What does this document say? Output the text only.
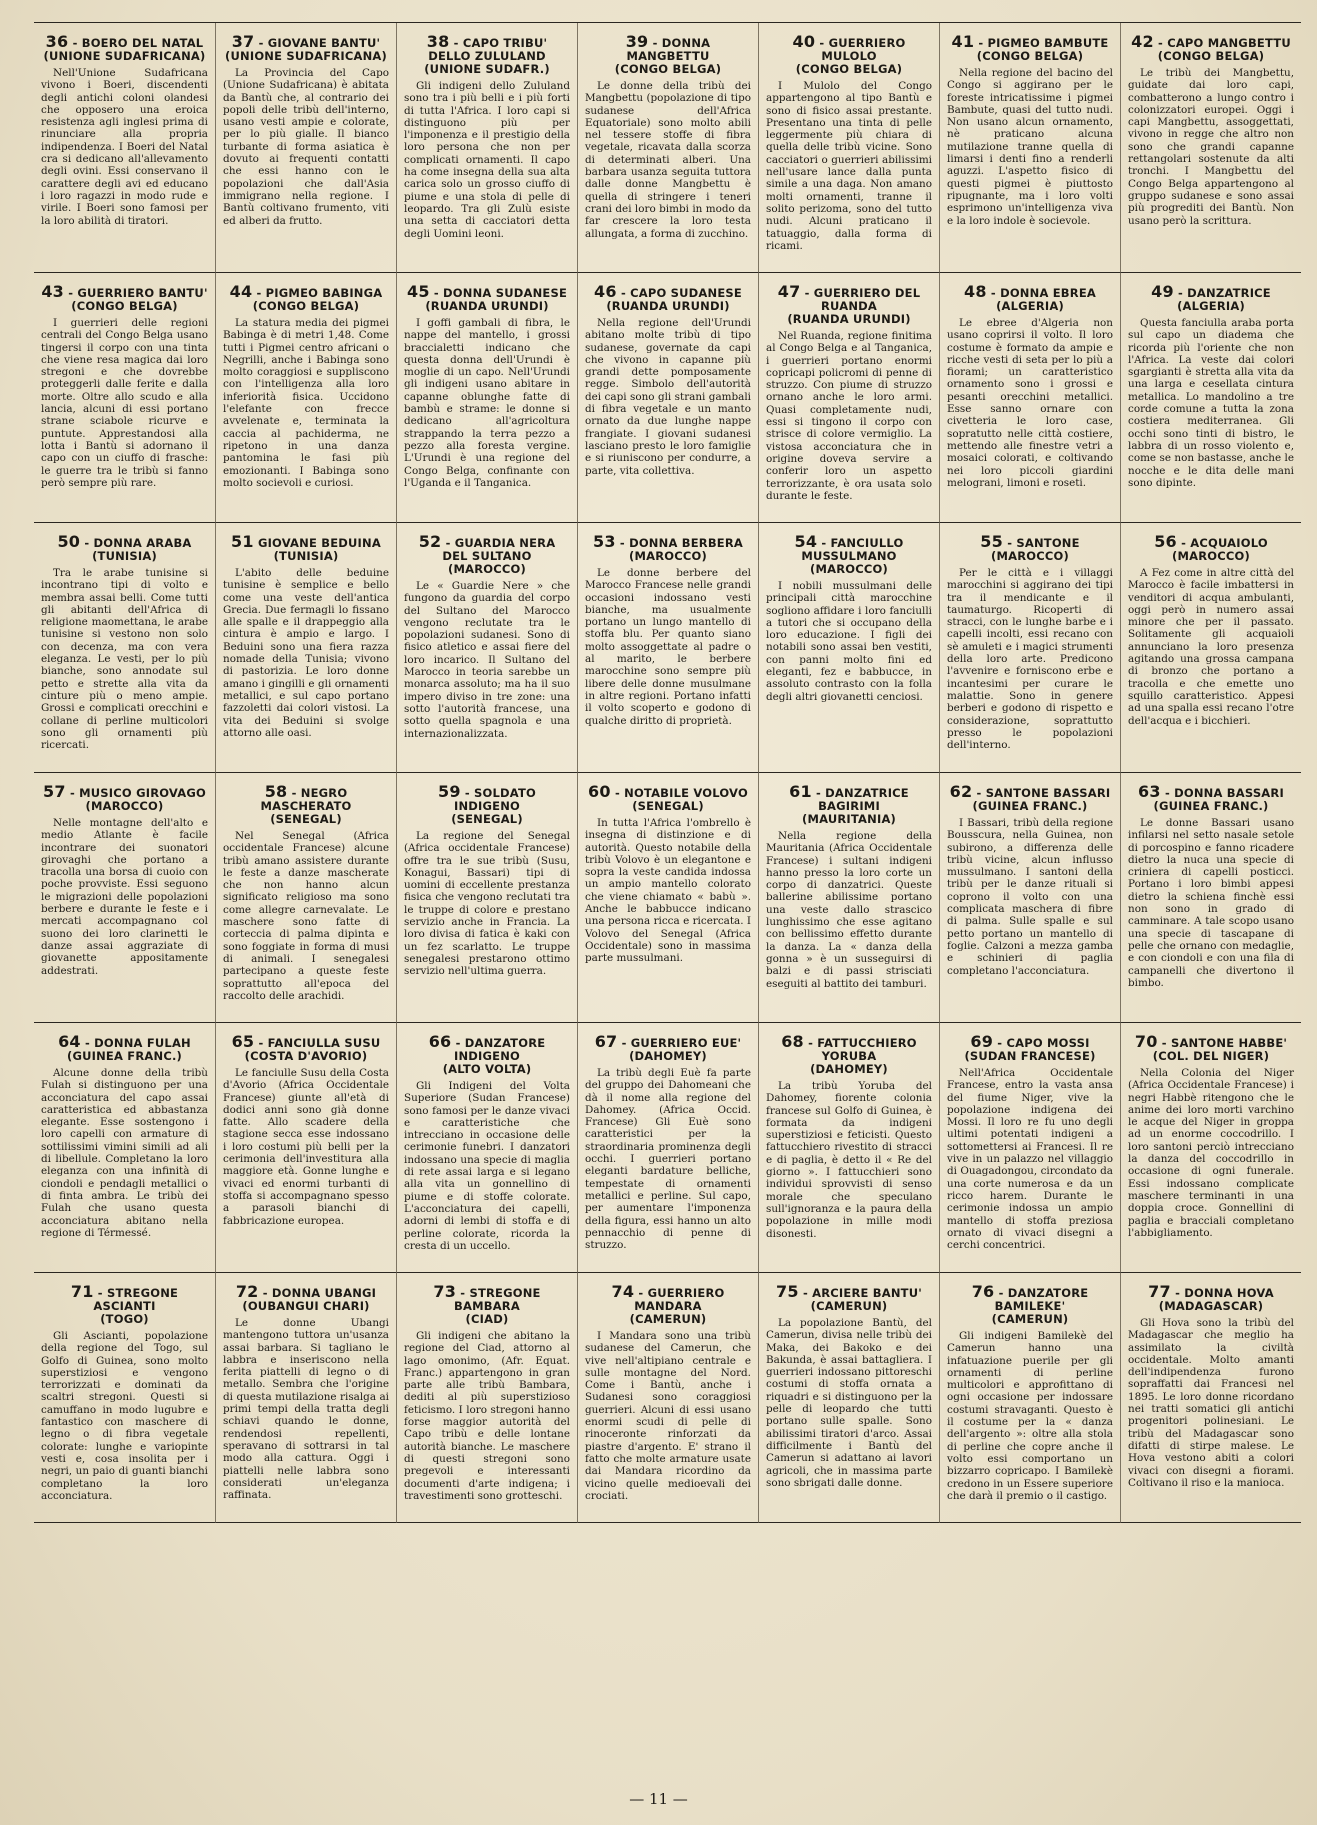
36 - BOERO DEL NATAL
(UNIONE SUDAFRICANA)

Nell'Unione Sudafricana vivono i Boeri, discendenti degli antichi coloni olandesi che opposero una eroica resistenza agli inglesi prima di rinunciare alla propria indipendenza. I Boeri del Natal cra si dedicano all'allevamento degli ovini. Essi conservano il carattere degli avi ed educano i loro ragazzi in modo rude e virile. I Boeri sono famosi per la loro abilità di tiratori.

37 - GIOVANE BANTU'
(UNIONE SUDAFRICANA)

La Provincia del Capo (Unione Sudafricana) è abitata da Bantù che, al contrario dei popoli delle tribù dell'interno, usano vesti ampie e colorate, per lo più gialle. Il bianco turbante di forma asiatica è dovuto ai frequenti contatti che essi hanno con le popolazioni che dall'Asia immigrano nella regione. I Bantù coltivano frumento, viti ed alberi da frutto.

38 - CAPO TRIBU' DELLO ZULULAND
(UNIONE SUDAFR.)

Gli indigeni dello Zululand sono tra i più belli e i più forti di tutta l'Africa. I loro capi si distinguono più per l'imponenza e il prestigio della loro persona che non per complicati ornamenti. Il capo ha come insegna della sua alta carica solo un grosso ciuffo di piume e una stola di pelle di leopardo. Tra gli Zulù esiste una setta di cacciatori detta degli Uomini leoni.

39 - DONNA MANGBETTU
(CONGO BELGA)

Le donne della tribù dei Mangbettu (popolazione di tipo sudanese dell'Africa Equatoriale) sono molto abili nel tessere stoffe di fibra vegetale, ricavata dalla scorza di determinati alberi. Una barbara usanza seguita tuttora dalle donne Mangbettu è quella di stringere i teneri crani dei loro bimbi in modo da far crescere la loro testa allungata, a forma di zucchino.

40 - GUERRIERO MULOLO
(CONGO BELGA)

I Mulolo del Congo appartengono al tipo Bantù e sono di fisico assai prestante. Presentano una tinta di pelle leggermente più chiara di quella delle tribù vicine. Sono cacciatori o guerrieri abilissimi nell'usare lance dalla punta simile a una daga. Non amano molti ornamenti, tranne il solito perizoma, sono del tutto nudi. Alcuni praticano il tatuaggio, dalla forma di ricami.

41 - PIGMEO BAMBUTE
(CONGO BELGA)

Nella regione del bacino del Congo si aggirano per le foreste intricatissime i pigmei Bambute, quasi del tutto nudi. Non usano alcun ornamento, nè praticano alcuna mutilazione tranne quella di limarsi i denti fino a renderli aguzzi. L'aspetto fisico di questi pigmei è piuttosto ripugnante, ma i loro volti esprimono un'intelligenza viva e la loro indole è socievole.

42 - CAPO MANGBETTU
(CONGO BELGA)

Le tribù dei Mangbettu, guidate dai loro capi, combatterono a lungo contro i colonizzatori europei. Oggi i capi Mangbettu, assoggettati, vivono in regge che altro non sono che grandi capanne rettangolari sostenute da alti tronchi. I Mangbettu del Congo Belga appartengono al gruppo sudanese e sono assai più progrediti dei Bantù. Non usano però la scrittura.

43 - GUERRIERO BANTU'
(CONGO BELGA)

I guerrieri delle regioni centrali del Congo Belga usano tingersi il corpo con una tinta che viene resa magica dai loro stregoni e che dovrebbe proteggerli dalle ferite e dalla morte. Oltre allo scudo e alla lancia, alcuni di essi portano strane sciabole ricurve e puntute. Apprestandosi alla lotta i Bantù si adornano il capo con un ciuffo di frasche: le guerre tra le tribù si fanno però sempre più rare.

44 - PIGMEO BABINGA
(CONGO BELGA)

La statura media dei pigmei Babinga è di metri 1,48. Come tutti i Pigmei centro africani o Negrilli, anche i Babinga sono molto coraggiosi e suppliscono con l'intelligenza alla loro inferiorità fisica. Uccidono l'elefante con frecce avvelenate e, terminata la caccia al pachiderma, ne ripetono in una danza pantomina le fasi più emozionanti. I Babinga sono molto socievoli e curiosi.

45 - DONNA SUDANESE
(RUANDA URUNDI)

I goffi gambali di fibra, le nappe del mantello, i grossi braccialetti indicano che questa donna dell'Urundi è moglie di un capo. Nell'Urundi gli indigeni usano abitare in capanne oblunghe fatte di bambù e strame: le donne si dedicano all'agricoltura strappando la terra pezzo a pezzo alla foresta vergine. L'Urundi è una regione del Congo Belga, confinante con l'Uganda e il Tanganica.

46 - CAPO SUDANESE
(RUANDA URUNDI)

Nella regione dell'Urundi abitano molte tribù di tipo sudanese, governate da capi che vivono in capanne più grandi dette pomposamente regge. Simbolo dell'autorità dei capi sono gli strani gambali di fibra vegetale e un manto ornato da due lunghe nappe frangiate. I giovani sudanesi lasciano presto le loro famiglie e si riuniscono per condurre, a parte, vita collettiva.

47 - GUERRIERO DEL RUANDA
(RUANDA URUNDI)

Nel Ruanda, regione finitima al Congo Belga e al Tanganica, i guerrieri portano enormi copricapi policromi di penne di struzzo. Con piume di struzzo ornano anche le loro armi. Quasi completamente nudi, essi si tingono il corpo con strisce di colore vermiglio. La vistosa acconciatura che in origine doveva servire a conferir loro un aspetto terrorizzante, è ora usata solo durante le feste.

48 - DONNA EBREA
(ALGERIA)

Le ebree d'Algeria non usano coprirsi il volto. Il loro costume è formato da ampie e ricche vesti di seta per lo più a fiorami; un caratteristico ornamento sono i grossi e pesanti orecchini metallici. Esse sanno ornare con civetteria le loro case, sopratutto nelle città costiere, mettendo alle finestre vetri a mosaici colorati, e coltivando nei loro piccoli giardini melograni, limoni e roseti.

49 - DANZATRICE
(ALGERIA)

Questa fanciulla araba porta sul capo un diadema che ricorda più l'oriente che non l'Africa. La veste dai colori sgargianti è stretta alla vita da una larga e cesellata cintura metallica. Lo mandolino a tre corde comune a tutta la zona costiera mediterranea. Gli occhi sono tinti di bistro, le labbra di un rosso violento e, come se non bastasse, anche le nocche e le dita delle mani sono dipinte.

50 - DONNA ARABA
(TUNISIA)

Tra le arabe tunisine si incontrano tipi di volto e membra assai belli. Come tutti gli abitanti dell'Africa di religione maomettana, le arabe tunisine si vestono non solo con decenza, ma con vera eleganza. Le vesti, per lo più bianche, sono annodate sul petto e strette alla vita da cinture più o meno ampie. Grossi e complicati orecchini e collane di perline multicolori sono gli ornamenti più ricercati.

51 GIOVANE BEDUINA
(TUNISIA)

L'abito delle beduine tunisine è semplice e bello come una veste dell'antica Grecia. Due fermagli lo fissano alle spalle e il drappeggio alla cintura è ampio e largo. I Beduini sono una fiera razza nomade della Tunisia; vivono di pastorizia. Le loro donne amano i gingilli e gli ornamenti metallici, e sul capo portano fazzoletti dai colori vistosi. La vita dei Beduini si svolge attorno alle oasi.

52 - GUARDIA NERA DEL SULTANO
(MAROCCO)

Le « Guardie Nere » che fungono da guardia del corpo del Sultano del Marocco vengono reclutate tra le popolazioni sudanesi. Sono di fisico atletico e assai fiere del loro incarico. Il Sultano del Marocco in teoria sarebbe un monarca assoluto; ma ha il suo impero diviso in tre zone: una sotto l'autorità francese, una sotto quella spagnola e una internazionalizzata.

53 - DONNA BERBERA
(MAROCCO)

Le donne berbere del Marocco Francese nelle grandi occasioni indossano vesti bianche, ma usualmente portano un lungo mantello di stoffa blu. Per quanto siano molto assoggettate al padre o al marito, le berbere marocchine sono sempre più libere delle donne musulmane in altre regioni. Portano infatti il volto scoperto e godono di qualche diritto di proprietà.

54 - FANCIULLO MUSSULMANO
(MAROCCO)

I nobili mussulmani delle principali città marocchine sogliono affidare i loro fanciulli a tutori che si occupano della loro educazione. I figli dei notabili sono assai ben vestiti, con panni molto fini ed eleganti, fez e babbucce, in assoluto contrasto con la folla degli altri giovanetti cenciosi.

55 - SANTONE
(MAROCCO)

Per le città e i villaggi marocchini si aggirano dei tipi tra il mendicante e il taumaturgo. Ricoperti di stracci, con le lunghe barbe e i capelli incolti, essi recano con sè amuleti e i magici strumenti della loro arte. Predicono l'avvenire e forniscono erbe e incantesimi per curare le malattie. Sono in genere berberi e godono di rispetto e considerazione, soprattutto presso le popolazioni dell'interno.

56 - ACQUAIOLO
(MAROCCO)

A Fez come in altre città del Marocco è facile imbattersi in venditori di acqua ambulanti, oggi però in numero assai minore che per il passato. Solitamente gli acquaioli annunciano la loro presenza agitando una grossa campana di bronzo che portano a tracolla e che emette uno squillo caratteristico. Appesi ad una spalla essi recano l'otre dell'acqua e i bicchieri.

57 - MUSICO GIROVAGO
(MAROCCO)

Nelle montagne dell'alto e medio Atlante è facile incontrare dei suonatori girovaghi che portano a tracolla una borsa di cuoio con poche provviste. Essi seguono le migrazioni delle popolazioni berbere e durante le feste e i mercati accompagnano col suono dei loro clarinetti le danze assai aggraziate di giovanette appositamente addestrati.

58 - NEGRO MASCHERATO
(SENEGAL)

Nel Senegal (Africa occidentale Francese) alcune tribù amano assistere durante le feste a danze mascherate che non hanno alcun significato religioso ma sono come allegre carnevalate. Le maschere sono fatte di corteccia di palma dipinta e sono foggiate in forma di musi di animali. I senegalesi partecipano a queste feste soprattutto all'epoca del raccolto delle arachidi.

59 - SOLDATO INDIGENO
(SENEGAL)

La regione del Senegal (Africa occidentale Francese) offre tra le sue tribù (Susu, Konagui, Bassari) tipi di uomini di eccellente prestanza fisica che vengono reclutati tra le truppe di colore e prestano servizio anche in Francia. La loro divisa di fatica è kaki con un fez scarlatto. Le truppe senegalesi prestarono ottimo servizio nell'ultima guerra.

60 - NOTABILE VOLOVO
(SENEGAL)

In tutta l'Africa l'ombrello è insegna di distinzione e di autorità. Questo notabile della tribù Volovo è un elegantone e sopra la veste candida indossa un ampio mantello colorato che viene chiamato « babù ». Anche le babbucce indicano una persona ricca e ricercata. I Volovo del Senegal (Africa Occidentale) sono in massima parte mussulmani.

61 - DANZATRICE BAGIRIMI
(MAURITANIA)

Nella regione della Mauritania (Africa Occidentale Francese) i sultani indigeni hanno presso la loro corte un corpo di danzatrici. Queste ballerine abilissime portano una veste dallo strascico lunghissimo che esse agitano con bellissimo effetto durante la danza. La « danza della gonna » è un susseguirsi di balzi e di passi strisciati eseguiti al battito dei tamburi.

62 - SANTONE BASSARI
(GUINEA FRANC.)

I Bassari, tribù della regione Bousscura, nella Guinea, non subirono, a differenza delle tribù vicine, alcun influsso mussulmano. I santoni della tribù per le danze rituali si coprono il volto con una complicata maschera di fibre di palma. Sulle spalle e sul petto portano un mantello di foglie. Calzoni a mezza gamba e schinieri di paglia completano l'acconciatura.

63 - DONNA BASSARI
(GUINEA FRANC.)

Le donne Bassari usano infilarsi nel setto nasale setole di porcospino e fanno ricadere dietro la nuca una specie di criniera di capelli posticci. Portano i loro bimbi appesi dietro la schiena finchè essi non sono in grado di camminare. A tale scopo usano una specie di tascapane di pelle che ornano con medaglie, e con ciondoli e con una fila di campanelli che divertono il bimbo.

64 - DONNA FULAH
(GUINEA FRANC.)

Alcune donne della tribù Fulah si distinguono per una acconciatura del capo assai caratteristica ed abbastanza elegante. Esse sostengono i loro capelli con armature di sottilissimi vimini simili ad ali di libellule. Completano la loro eleganza con una infinità di ciondoli e pendagli metallici o di finta ambra. Le tribù dei Fulah che usano questa acconciatura abitano nella regione di Térmessé.

65 - FANCIULLA SUSU
(COSTA D'AVORIO)

Le fanciulle Susu della Costa d'Avorio (Africa Occidentale Francese) giunte all'età di dodici anni sono già donne fatte. Allo scadere della stagione secca esse indossano i loro costumi più belli per la cerimonia dell'investitura alla maggiore età. Gonne lunghe e vivaci ed enormi turbanti di stoffa si accompagnano spesso a parasoli bianchi di fabbricazione europea.

66 - DANZATORE INDIGENO
(ALTO VOLTA)

Gli Indigeni del Volta Superiore (Sudan Francese) sono famosi per le danze vivaci e caratteristiche che intrecciano in occasione delle cerimonie funebri. I danzatori indossano una specie di maglia di rete assai larga e si legano alla vita un gonnellino di piume e di stoffe colorate. L'acconciatura dei capelli, adorni di lembi di stoffa e di perline colorate, ricorda la cresta di un uccello.

67 - GUERRIERO EUE'
(DAHOMEY)

La tribù degli Euè fa parte del gruppo dei Dahomeani che dà il nome alla regione del Dahomey. (Africa Occid. Francese) Gli Euè sono caratteristici per la straordinaria prominenza degli occhi. I guerrieri portano eleganti bardature belliche, tempestate di ornamenti metallici e perline. Sul capo, per aumentare l'imponenza della figura, essi hanno un alto pennacchio di penne di struzzo.

68 - FATTUCCHIERO YORUBA
(DAHOMEY)

La tribù Yoruba del Dahomey, fiorente colonia francese sul Golfo di Guinea, è formata da indigeni superstiziosi e feticisti. Questo fattucchiero rivestito di stracci e di paglia, è detto il « Re del giorno ». I fattucchieri sono individui sprovvisti di senso morale che speculano sull'ignoranza e la paura della popolazione in mille modi disonesti.

69 - CAPO MOSSI
(SUDAN FRANCESE)

Nell'Africa Occidentale Francese, entro la vasta ansa del fiume Niger, vive la popolazione indigena dei Mossi. Il loro re fu uno degli ultimi potentati indigeni a sottomettersi ai Francesi. Il re vive in un palazzo nel villaggio di Ouagadongou, circondato da una corte numerosa e da un ricco harem. Durante le cerimonie indossa un ampio mantello di stoffa preziosa ornato di vivaci disegni a cerchi concentrici.

70 - SANTONE HABBE'
(COL. DEL NIGER)

Nella Colonia del Niger (Africa Occidentale Francese) i negri Habbè ritengono che le anime dei loro morti varchino le acque del Niger in groppa ad un enorme coccodrillo. I loro santoni perciò intrecciano la danza del coccodrillo in occasione di ogni funerale. Essi indossano complicate maschere terminanti in una doppia croce. Gonnellini di paglia e bracciali completano l'abbigliamento.

71 - STREGONE ASCIANTI
(TOGO)

Gli Ascianti, popolazione della regione del Togo, sul Golfo di Guinea, sono molto superstiziosi e vengono terrorizzati e dominati da scaltri stregoni. Questi si camuffano in modo lugubre e fantastico con maschere di legno o di fibra vegetale colorate: lunghe e variopinte vesti e, cosa insolita per i negri, un paio di guanti bianchi completano la loro acconciatura.

72 - DONNA UBANGI
(OUBANGUI CHARI)

Le donne Ubangi mantengono tuttora un'usanza assai barbara. Si tagliano le labbra e inseriscono nella ferita piattelli di legno o di metallo. Sembra che l'origine di questa mutilazione risalga ai primi tempi della tratta degli schiavi quando le donne, rendendosi repellenti, speravano di sottrarsi in tal modo alla cattura. Oggi i piattelli nelle labbra sono considerati un'eleganza raffinata.

73 - STREGONE BAMBARA
(CIAD)

Gli indigeni che abitano la regione del Ciad, attorno al lago omonimo, (Afr. Equat. Franc.) appartengono in gran parte alle tribù Bambara, dediti al più superstizioso feticismo. I loro stregoni hanno forse maggior autorità del Capo tribù e delle lontane autorità bianche. Le maschere di questi stregoni sono pregevoli e interessanti documenti d'arte indigena; i travestimenti sono grotteschi.

74 - GUERRIERO MANDARA
(CAMERUN)

I Mandara sono una tribù sudanese del Camerun, che vive nell'altipiano centrale e sulle montagne del Nord. Come i Bantù, anche i Sudanesi sono coraggiosi guerrieri. Alcuni di essi usano enormi scudi di pelle di rinoceronte rinforzati da piastre d'argento. E' strano il fatto che molte armature usate dai Mandara ricordino da vicino quelle medioevali dei crociati.

75 - ARCIERE BANTU'
(CAMERUN)

La popolazione Bantù, del Camerun, divisa nelle tribù dei Maka, dei Bakoko e dei Bakunda, è assai battagliera. I guerrieri indossano pittoreschi costumi di stoffa ornata a riquadri e si distinguono per la pelle di leopardo che tutti portano sulle spalle. Sono abilissimi tiratori d'arco. Assai difficilmente i Bantù del Camerun si adattano ai lavori agricoli, che in massima parte sono sbrigati dalle donne.

76 - DANZATORE BAMILEKE'
(CAMERUN)

Gli indigeni Bamilekè del Camerun hanno una infatuazione puerile per gli ornamenti di perline multicolori e approfittano di ogni occasione per indossare costumi stravaganti. Questo è il costume per la « danza dell'argento »: oltre alla stola di perline che copre anche il volto essi comportano un bizzarro copricapo. I Bamilekè credono in un Essere superiore che darà il premio o il castigo.

77 - DONNA HOVA
(MADAGASCAR)

Gli Hova sono la tribù del Madagascar che meglio ha assimilato la civiltà occidentale. Molto amanti dell'indipendenza furono sopraffatti dai Francesi nel 1895. Le loro donne ricordano nei tratti somatici gli antichi progenitori polinesiani. Le tribù del Madagascar sono difatti di stirpe malese. Le Hova vestono abiti a colori vivaci con disegni a fiorami. Coltivano il riso e la manioca.

— 11 —
